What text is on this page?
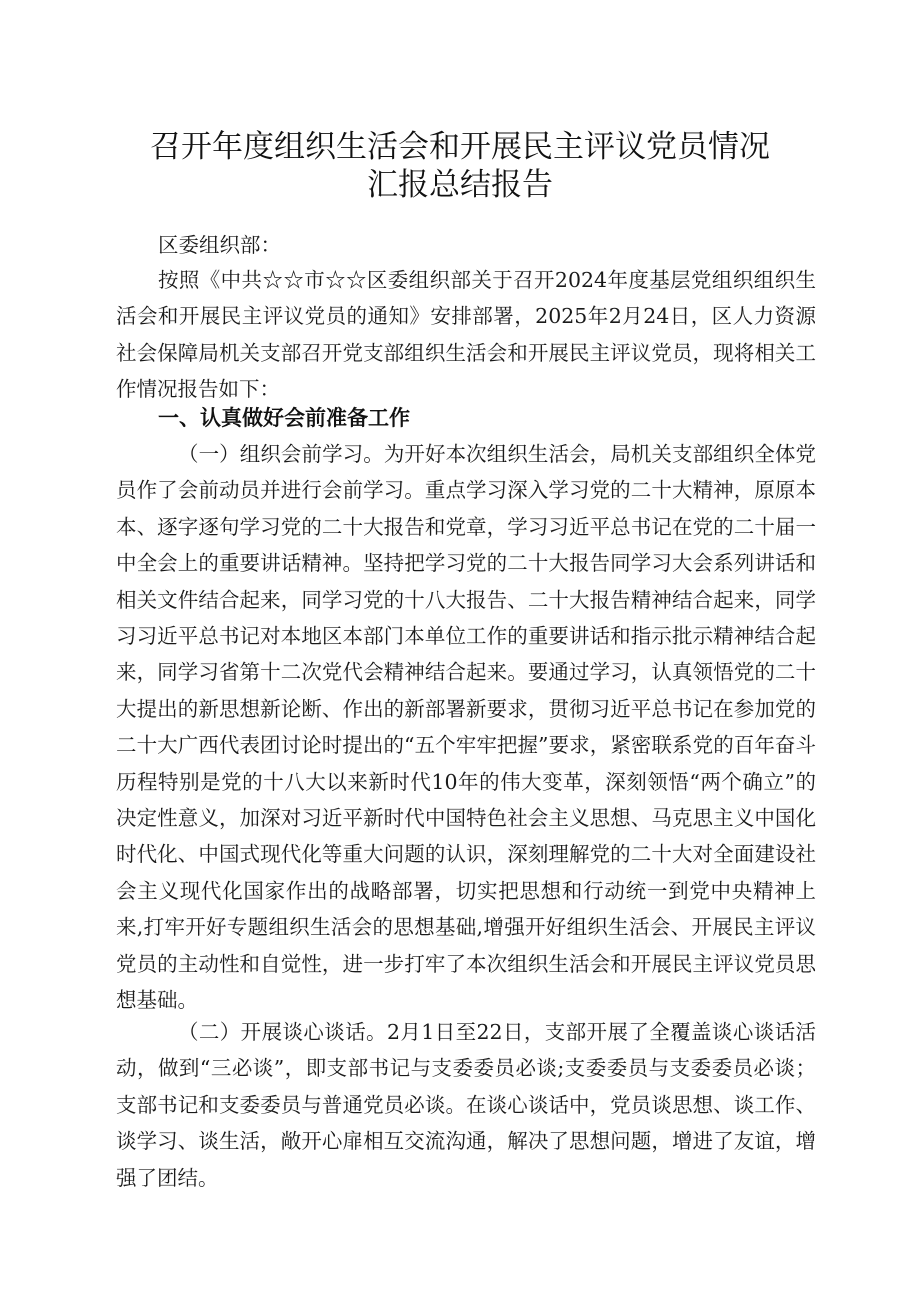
召开年度组织生活会和开展民主评议党员情况
汇报总结报告

区委组织部：

按照《中共☆☆市☆☆区委组织部关于召开2024年度基层党组织组织生活会和开展民主评议党员的通知》安排部署，2025年2月24日，区人力资源社会保障局机关支部召开党支部组织生活会和开展民主评议党员，现将相关工作情况报告如下：

一、认真做好会前准备工作

（一）组织会前学习。为开好本次组织生活会，局机关支部组织全体党员作了会前动员并进行会前学习。重点学习深入学习党的二十大精神，原原本本、逐字逐句学习党的二十大报告和党章，学习习近平总书记在党的二十届一中全会上的重要讲话精神。坚持把学习党的二十大报告同学习大会系列讲话和相关文件结合起来，同学习党的十八大报告、二十大报告精神结合起来，同学习习近平总书记对本地区本部门本单位工作的重要讲话和指示批示精神结合起来，同学习省第十二次党代会精神结合起来。要通过学习，认真领悟党的二十大提出的新思想新论断、作出的新部署新要求，贯彻习近平总书记在参加党的二十大广西代表团讨论时提出的“五个牢牢把握”要求，紧密联系党的百年奋斗历程特别是党的十八大以来新时代10年的伟大变革，深刻领悟“两个确立”的决定性意义，加深对习近平新时代中国特色社会主义思想、马克思主义中国化时代化、中国式现代化等重大问题的认识，深刻理解党的二十大对全面建设社会主义现代化国家作出的战略部署，切实把思想和行动统一到党中央精神上来,打牢开好专题组织生活会的思想基础,增强开好组织生活会、开展民主评议党员的主动性和自觉性，进一步打牢了本次组织生活会和开展民主评议党员思想基础。

（二）开展谈心谈话。2月1日至22日，支部开展了全覆盖谈心谈话活动，做到“三必谈”，即支部书记与支委委员必谈;支委委员与支委委员必谈；支部书记和支委委员与普通党员必谈。在谈心谈话中，党员谈思想、谈工作、谈学习、谈生活，敞开心扉相互交流沟通，解决了思想问题，增进了友谊，增强了团结。
